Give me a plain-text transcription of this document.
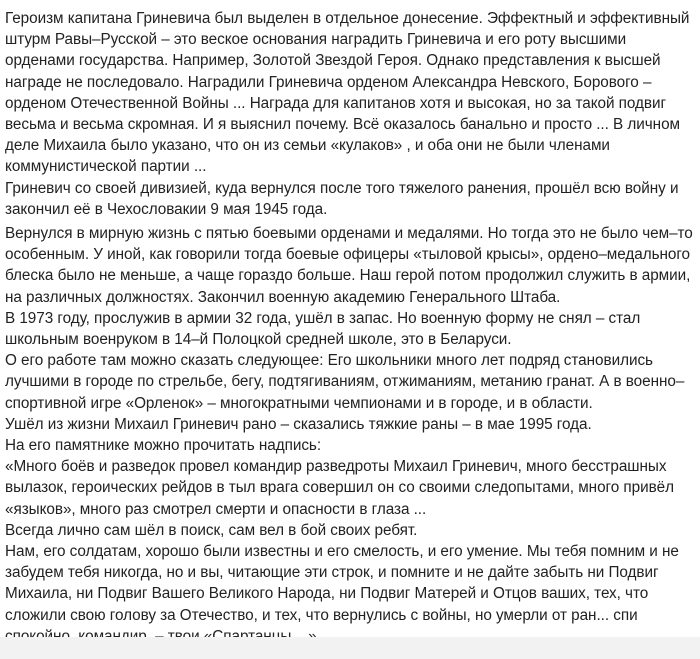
Героизм капитана Гриневича был выделен в отдельное донесение. Эффектный и эффективный штурм Равы–Русской – это веское основания наградить Гриневича и его роту высшими орденами государства. Например, Золотой Звездой Героя. Однако представления к высшей награде не последовало. Наградили Гриневича орденом Александра Невского, Борового – орденом Отечественной Войны ... Награда для капитанов хотя и высокая, но за такой подвиг весьма и весьма скромная. И я выяснил почему. Всё оказалось банально и просто ... В личном деле Михаила было указано, что он из семьи «кулаков» , и оба они не были членами коммунистической партии ...

Гриневич со своей дивизией, куда вернулся после того тяжелого ранения, прошёл всю войну и закончил её в Чехословакии 9 мая 1945 года.

Вернулся в мирную жизнь с пятью боевыми орденами и медалями. Но тогда это не было чем–то особенным. У иной, как говорили тогда боевые офицеры «тыловой крысы», ордено–медального блеска было не меньше, а чаще гораздо больше. Наш герой потом продолжил служить в армии, на различных должностях. Закончил военную академию Генерального Штаба.

В 1973 году, прослужив в армии 32 года, ушёл в запас. Но военную форму не снял – стал школьным военруком в 14–й Полоцкой средней школе, это в Беларуси.

О его работе там можно сказать следующее: Его школьники много лет подряд становились лучшими в городе по стрельбе, бегу, подтягиваниям, отжиманиям, метанию гранат. А в военно–спортивной игре «Орленок» – многократными чемпионами и в городе, и в области.

Ушёл из жизни Михаил Гриневич рано – сказались тяжкие раны – в мае 1995 года.

На его памятнике можно прочитать надпись:

«Много боёв и разведок провел командир разведроты Михаил Гриневич, много бесстрашных вылазок, героических рейдов в тыл врага совершил он со своими следопытами, много привёл «языков», много раз смотрел смерти и опасности в глаза ...

Всегда лично сам шёл в поиск, сам вел в бой своих ребят.

Нам, его солдатам, хорошо были известны и его смелость, и его умение. Мы тебя помним и не забудем тебя никогда, но и вы, читающие эти строк, и помните и не дайте забыть ни Подвиг Михаила, ни Подвиг Вашего Великого Народа, ни Подвиг Матерей и Отцов ваших, тех, что сложили свою голову за Отечество, и тех, что вернулись с войны, но умерли от ран... спи
